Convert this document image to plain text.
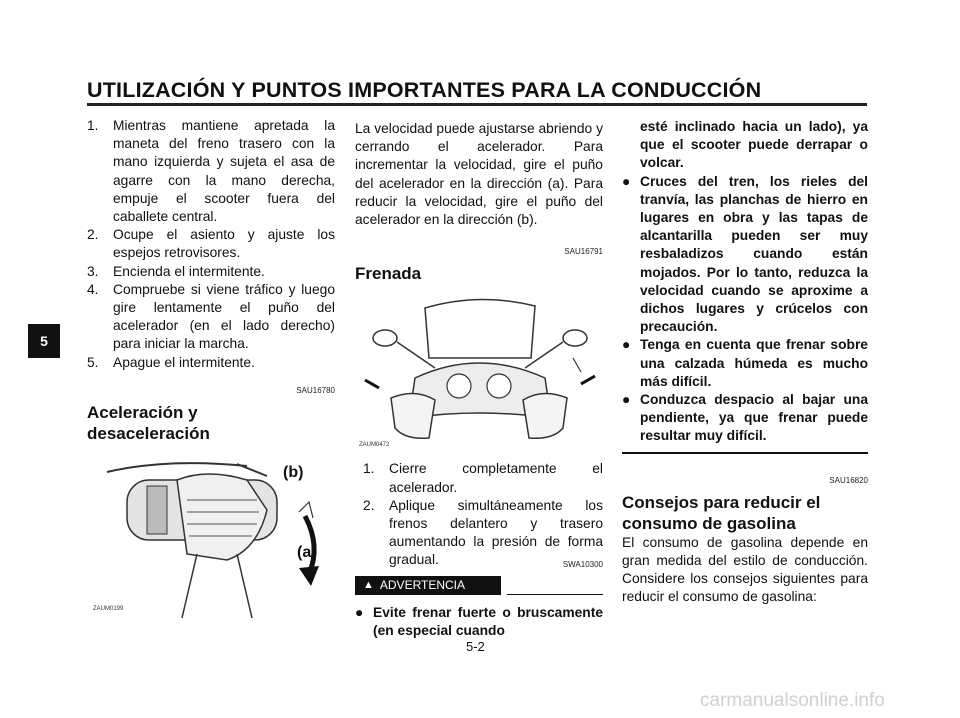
UTILIZACIÓN Y PUNTOS IMPORTANTES PARA LA CONDUCCIÓN
5
1.	Mientras mantiene apretada la maneta del freno trasero con la mano izquierda y sujeta el asa de agarre con la mano derecha, empuje el scooter fuera del caballete central.
2.	Ocupe el asiento y ajuste los espejos retrovisores.
3.	Encienda el intermitente.
4.	Compruebe si viene tráfico y luego gire lentamente el puño del acelerador (en el lado derecho) para iniciar la marcha.
5.	Apague el intermitente.
SAU16780
Aceleración y desaceleración
(b)
(a)
ZAUM0199

La velocidad puede ajustarse abriendo y cerrando el acelerador. Para incrementar la velocidad, gire el puño del acelerador en la dirección (a). Para reducir la velocidad, gire el puño del acelerador en la dirección (b).

SAU16791
Frenada
ZAUM0472
1.	Cierre completamente el acelerador.
2.	Aplique simultáneamente los frenos delantero y trasero aumentando la presión de forma gradual.	SWA10300
▲ ADVERTENCIA
● Evite frenar fuerte o bruscamente (en especial cuando

esté inclinado hacia un lado), ya que el scooter puede derrapar o volcar.

● Cruces del tren, los rieles del tranvía, las planchas de hierro en lugares en obra y las tapas de alcantarilla pueden ser muy resbaladizos cuando están mojados. Por lo tanto, reduzca la velocidad cuando se aproxime a dichos lugares y crúcelos con precaución.
● Tenga en cuenta que frenar sobre una calzada húmeda es mucho más difícil.
● Conduzca despacio al bajar una pendiente, ya que frenar puede resultar muy difícil.
SAU16820
Consejos para reducir el consumo de gasolina

El consumo de gasolina depende en gran medida del estilo de conducción. Considere los consejos siguientes para reducir el consumo de gasolina:

5-2
carmanualsonline.info
